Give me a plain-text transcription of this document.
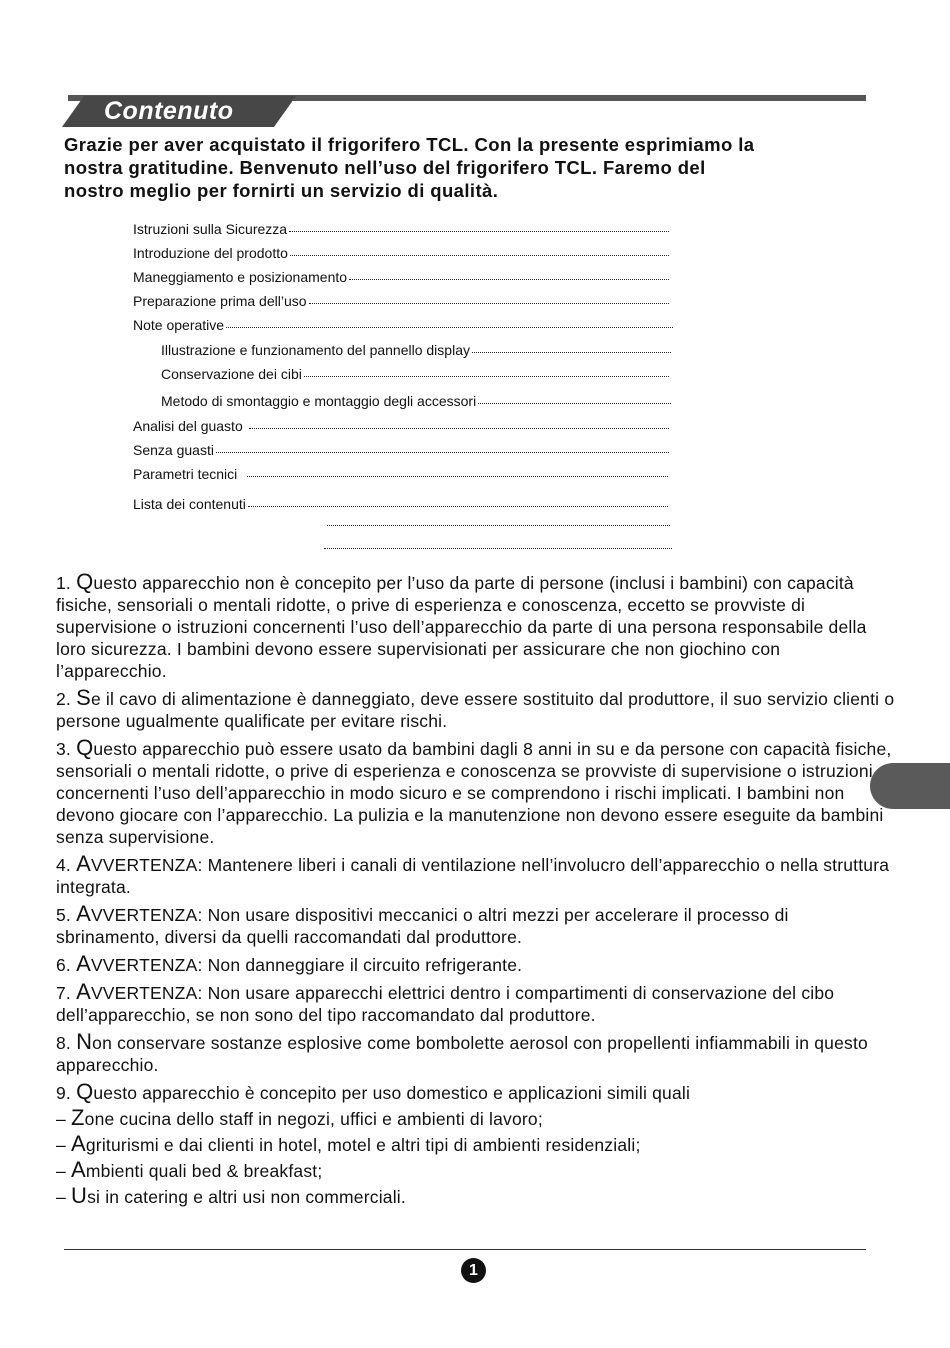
Contenuto

Grazie per aver acquistato il frigorifero TCL. Con la presente esprimiamo la

nostra gratitudine. Benvenuto nell’uso del frigorifero TCL. Faremo del

nostro meglio per fornirti un servizio di qualità.

Istruzioni sulla Sicurezza
Introduzione del prodotto
Maneggiamento e posizionamento
Preparazione prima dell’uso
Note operative
Illustrazione e funzionamento del pannello display
Conservazione dei cibi
Metodo di smontaggio e montaggio degli accessori
Analisi del guasto
Senza guasti
Parametri tecnici
Lista dei contenuti

1. Questo apparecchio non è concepito per l’uso da parte di persone (inclusi i bambini) con capacità fisiche, sensoriali o mentali ridotte, o prive di esperienza e conoscenza, eccetto se provviste di supervisione o istruzioni concernenti l’uso dell’apparecchio da parte di una persona responsabile della loro sicurezza. I bambini devono essere supervisionati per assicurare che non giochino con l’apparecchio.

2. Se il cavo di alimentazione è danneggiato, deve essere sostituito dal produttore, il suo servizio clienti o persone ugualmente qualificate per evitare rischi.

3. Questo apparecchio può essere usato da bambini dagli 8 anni in su e da persone con capacità fisiche, sensoriali o mentali ridotte, o prive di esperienza e conoscenza se provviste di supervisione o istruzioni concernenti l’uso dell’apparecchio in modo sicuro e se comprendono i rischi implicati. I bambini non devono giocare con l’apparecchio. La pulizia e la manutenzione non devono essere eseguite da bambini senza supervisione.

4. AVVERTENZA: Mantenere liberi i canali di ventilazione nell’involucro dell’apparecchio o nella struttura integrata.

5. AVVERTENZA: Non usare dispositivi meccanici o altri mezzi per accelerare il processo di sbrinamento, diversi da quelli raccomandati dal produttore.

6. AVVERTENZA: Non danneggiare il circuito refrigerante.

7. AVVERTENZA: Non usare apparecchi elettrici dentro i compartimenti di conservazione del cibo dell’apparecchio, se non sono del tipo raccomandato dal produttore.

8. Non conservare sostanze esplosive come bombolette aerosol con propellenti infiammabili in questo apparecchio.

9. Questo apparecchio è concepito per uso domestico e applicazioni simili quali

– Zone cucina dello staff in negozi, uffici e ambienti di lavoro;

– Agriturismi e dai clienti in hotel, motel e altri tipi di ambienti residenziali;

– Ambienti quali bed & breakfast;

– Usi in catering e altri usi non commerciali.

1
